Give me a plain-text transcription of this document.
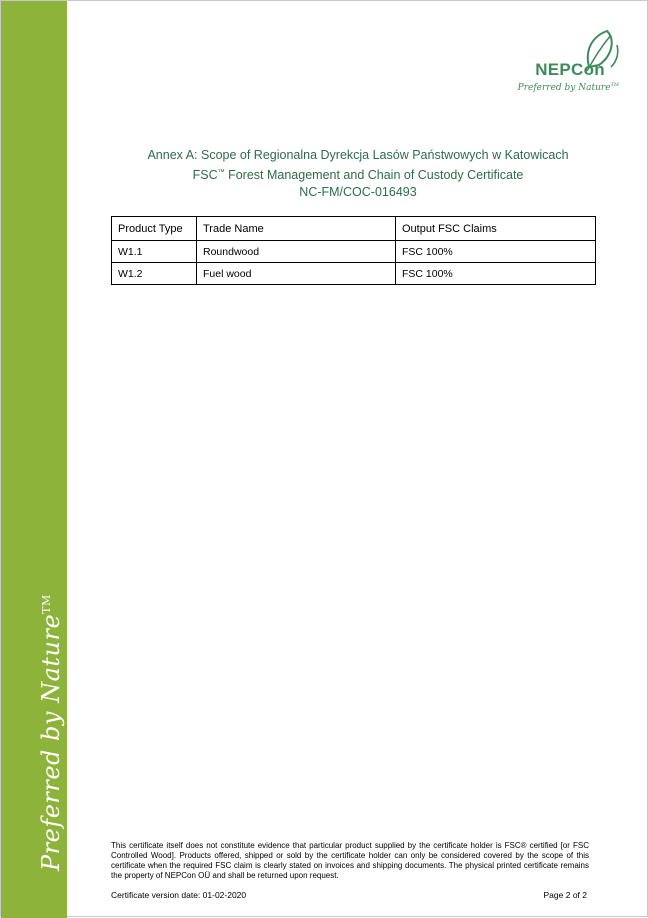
Preferred by Nature™
NEPCon
Preferred by Nature™
Annex A: Scope of Regionalna Dyrekcja Lasów Państwowych w Katowicach
FSC™ Forest Management and Chain of Custody Certificate
NC-FM/COC-016493
Product Type	Trade Name	Output FSC Claims
W1.1	Roundwood	FSC 100%
W1.2	Fuel wood	FSC 100%
This certificate itself does not constitute evidence that particular product supplied by the certificate holder is FSC® certified [or FSC Controlled Wood]. Products offered, shipped or sold by the certificate holder can only be considered covered by the scope of this certificate when the required FSC claim is clearly stated on invoices and shipping documents. The physical printed certificate remains the property of NEPCon OÜ and shall be returned upon request.
Certificate version date: 01-02-2020	Page 2 of 2
